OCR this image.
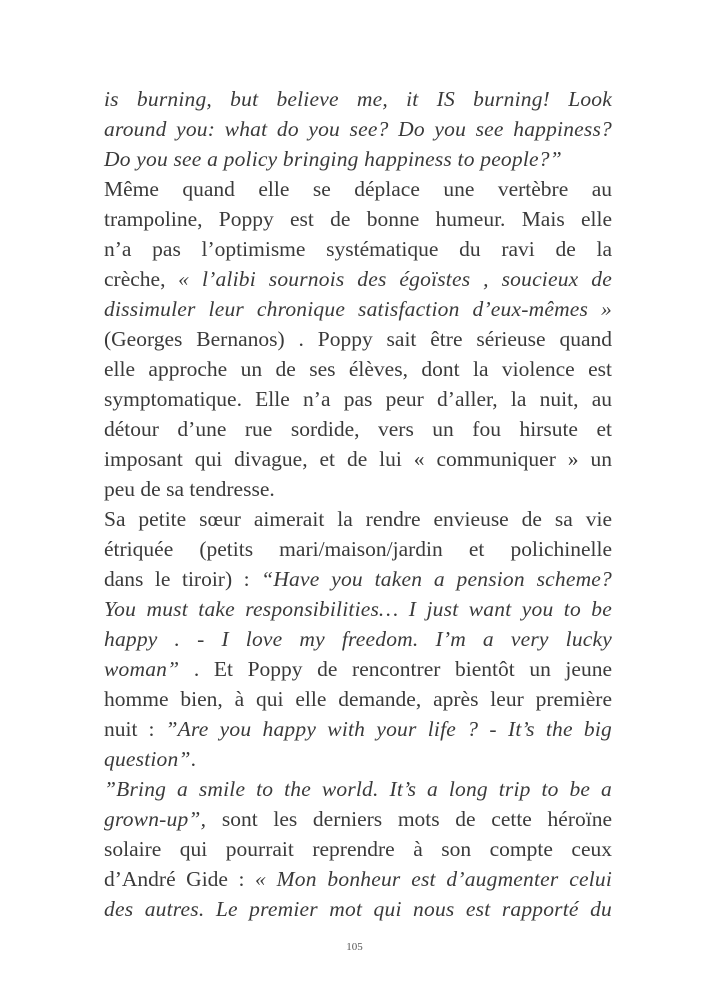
is burning, but believe me, it IS burning! Look
around you: what do you see? Do you see happiness?
Do you see a policy bringing happiness to people?”
Même quand elle se déplace une vertèbre au
trampoline, Poppy est de bonne humeur. Mais elle
n’a pas l’optimisme systématique du ravi de la
crèche, « l’alibi sournois des égoïstes , soucieux de
dissimuler leur chronique satisfaction d’eux-mêmes »
(Georges Bernanos) . Poppy sait être sérieuse quand
elle approche un de ses élèves, dont la violence est
symptomatique. Elle n’a pas peur d’aller, la nuit, au
détour d’une rue sordide, vers un fou hirsute et
imposant qui divague, et de lui « communiquer » un
peu de sa tendresse.
Sa petite sœur aimerait la rendre envieuse de sa vie
étriquée (petits mari/maison/jardin et polichinelle
dans le tiroir) : “Have you taken a pension scheme?
You must take responsibilities… I just want you to be
happy . - I love my freedom. I’m a very lucky
woman” . Et Poppy de rencontrer bientôt un jeune
homme bien, à qui elle demande, après leur première
nuit : ”Are you happy with your life ? - It’s the big
question”.
”Bring a smile to the world. It’s a long trip to be a
grown-up”, sont les derniers mots de cette héroïne
solaire qui pourrait reprendre à son compte ceux
d’André Gide : « Mon bonheur est d’augmenter celui
des autres. Le premier mot qui nous est rapporté du
105
